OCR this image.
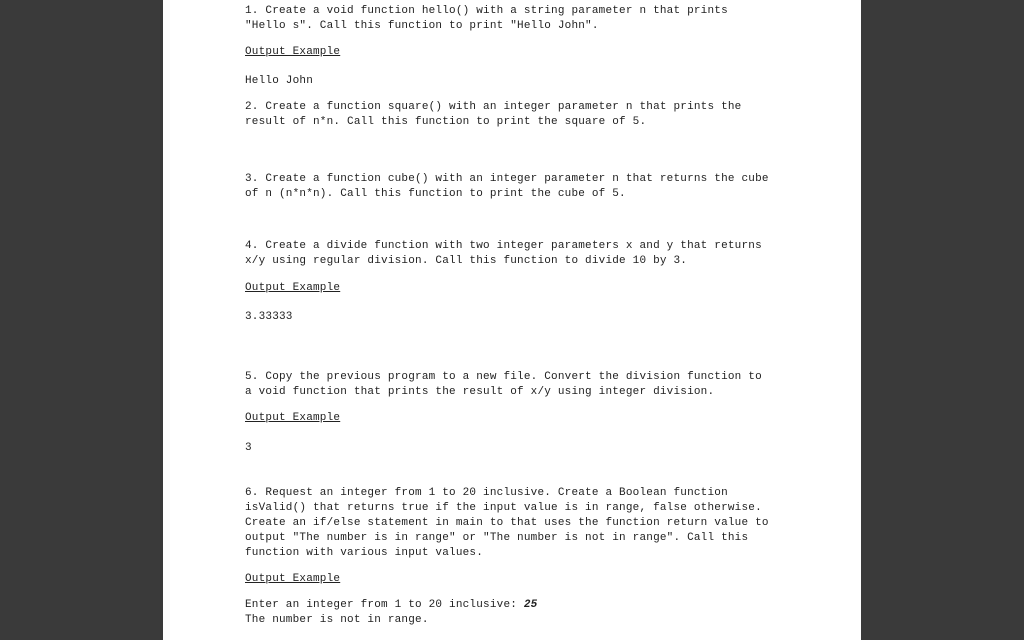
1. Create a void function hello() with a string parameter n that prints
"Hello s". Call this function to print "Hello John".
Output Example
Hello John
2. Create a function square() with an integer parameter n that prints the
result of n*n. Call this function to print the square of 5.
3. Create a function cube() with an integer parameter n that returns the cube
of n (n*n*n). Call this function to print the cube of 5.
4. Create a divide function with two integer parameters x and y that returns
x/y using regular division. Call this function to divide 10 by 3.
Output Example
3.33333
5. Copy the previous program to a new file. Convert the division function to
a void function that prints the result of x/y using integer division.
Output Example
3
6. Request an integer from 1 to 20 inclusive. Create a Boolean function
isValid() that returns true if the input value is in range, false otherwise.
Create an if/else statement in main to that uses the function return value to
output "The number is in range" or "The number is not in range". Call this
function with various input values.
Output Example
Enter an integer from 1 to 20 inclusive: 25
The number is not in range.
